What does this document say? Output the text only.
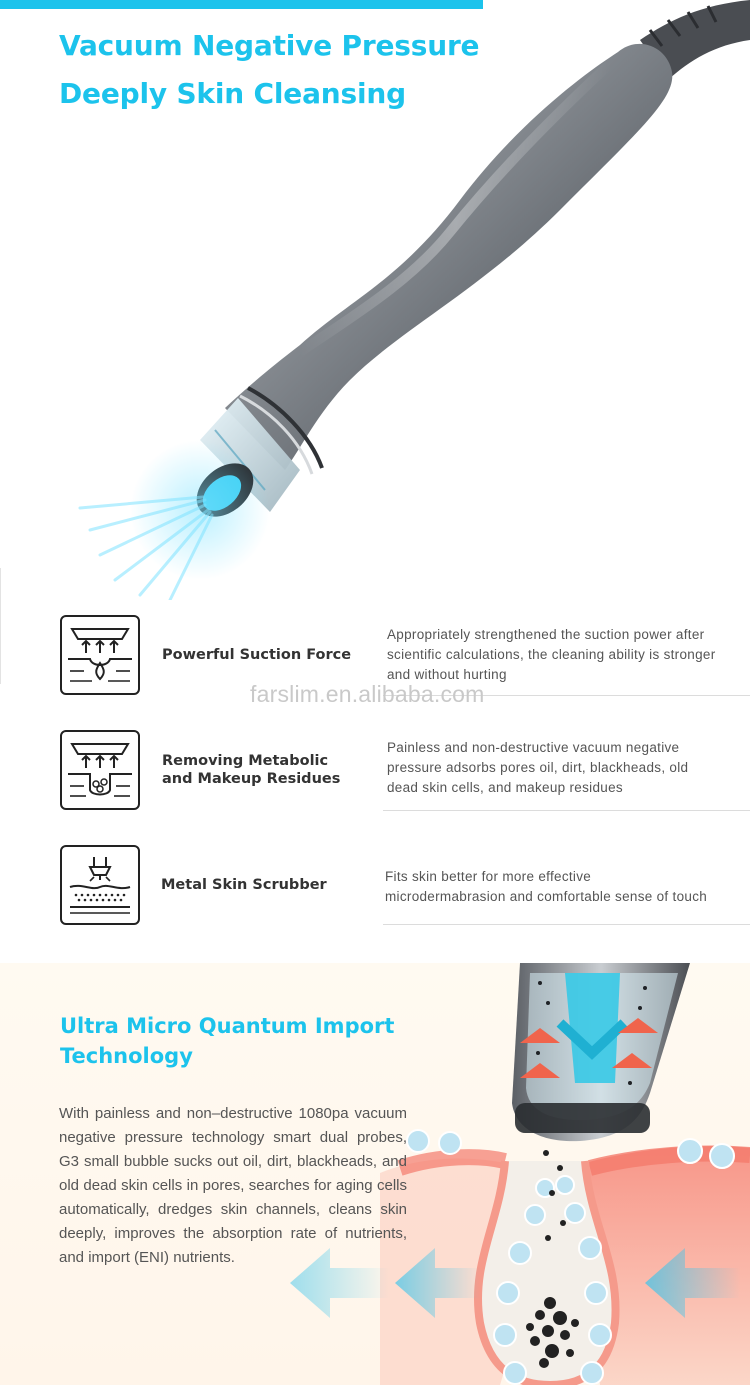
Vacuum Negative Pressure
Deeply Skin Cleansing
Powerful Suction Force
Appropriately strengthened the suction power after scientific calculations, the cleaning ability is stronger and without hurting
farslim.en.alibaba.com
Removing Metabolic and Makeup Residues
Painless and non-destructive vacuum negative pressure adsorbs pores oil, dirt, blackheads, old dead skin cells, and makeup residues
Metal Skin Scrubber
Fits skin better for more effective microdermabrasion and comfortable sense of touch
Ultra Micro Quantum Import
Technology

With painless and non–destructive 1080pa vacuum negative pressure technology smart dual probes, G3 small bubble sucks out oil, dirt, blackheads, and old dead skin cells in pores, searches for aging cells automatically, dredges skin channels, cleans skin deeply, improves the absorption rate of nutrients, and import (ENI) nutrients.
